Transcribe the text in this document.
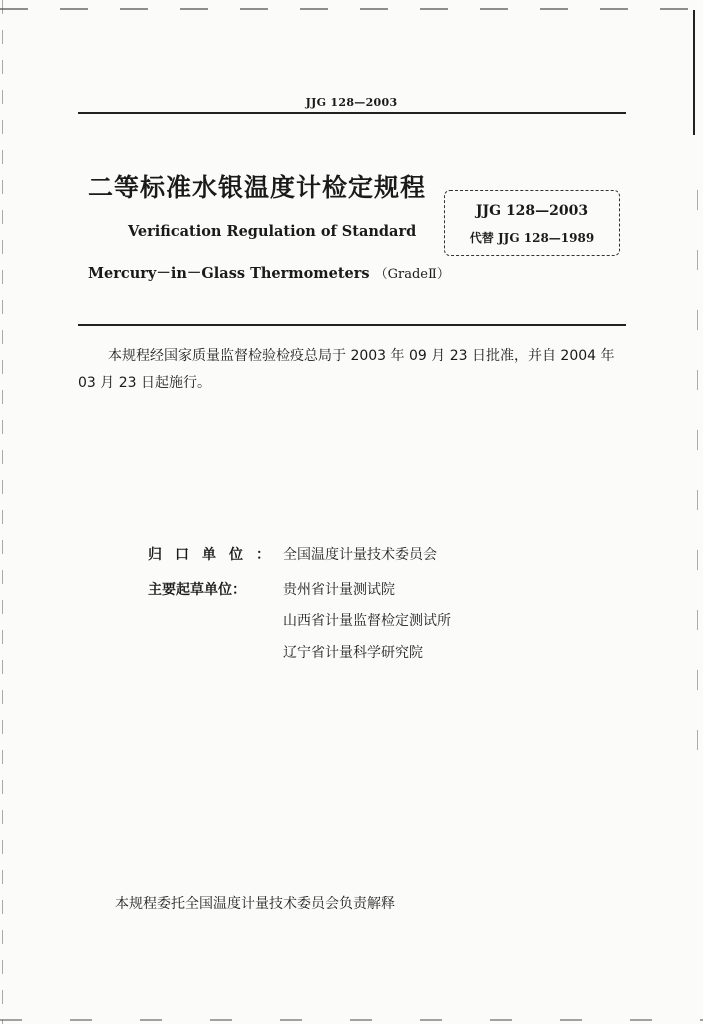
JJG 128—2003
二等标准水银温度计检定规程
Verification Regulation of Standard
Mercury－in－Glass Thermometers （GradeⅡ）
JJG 128—2003
代替 JJG 128—1989
本规程经国家质量监督检验检疫总局于 2003 年 09 月 23 日批准，并自 2004 年 03 月 23 日起施行。
归口单位： 全国温度计量技术委员会
主要起草单位：	贵州省计量测试院
山西省计量监督检定测试所
辽宁省计量科学研究院
本规程委托全国温度计量技术委员会负责解释
